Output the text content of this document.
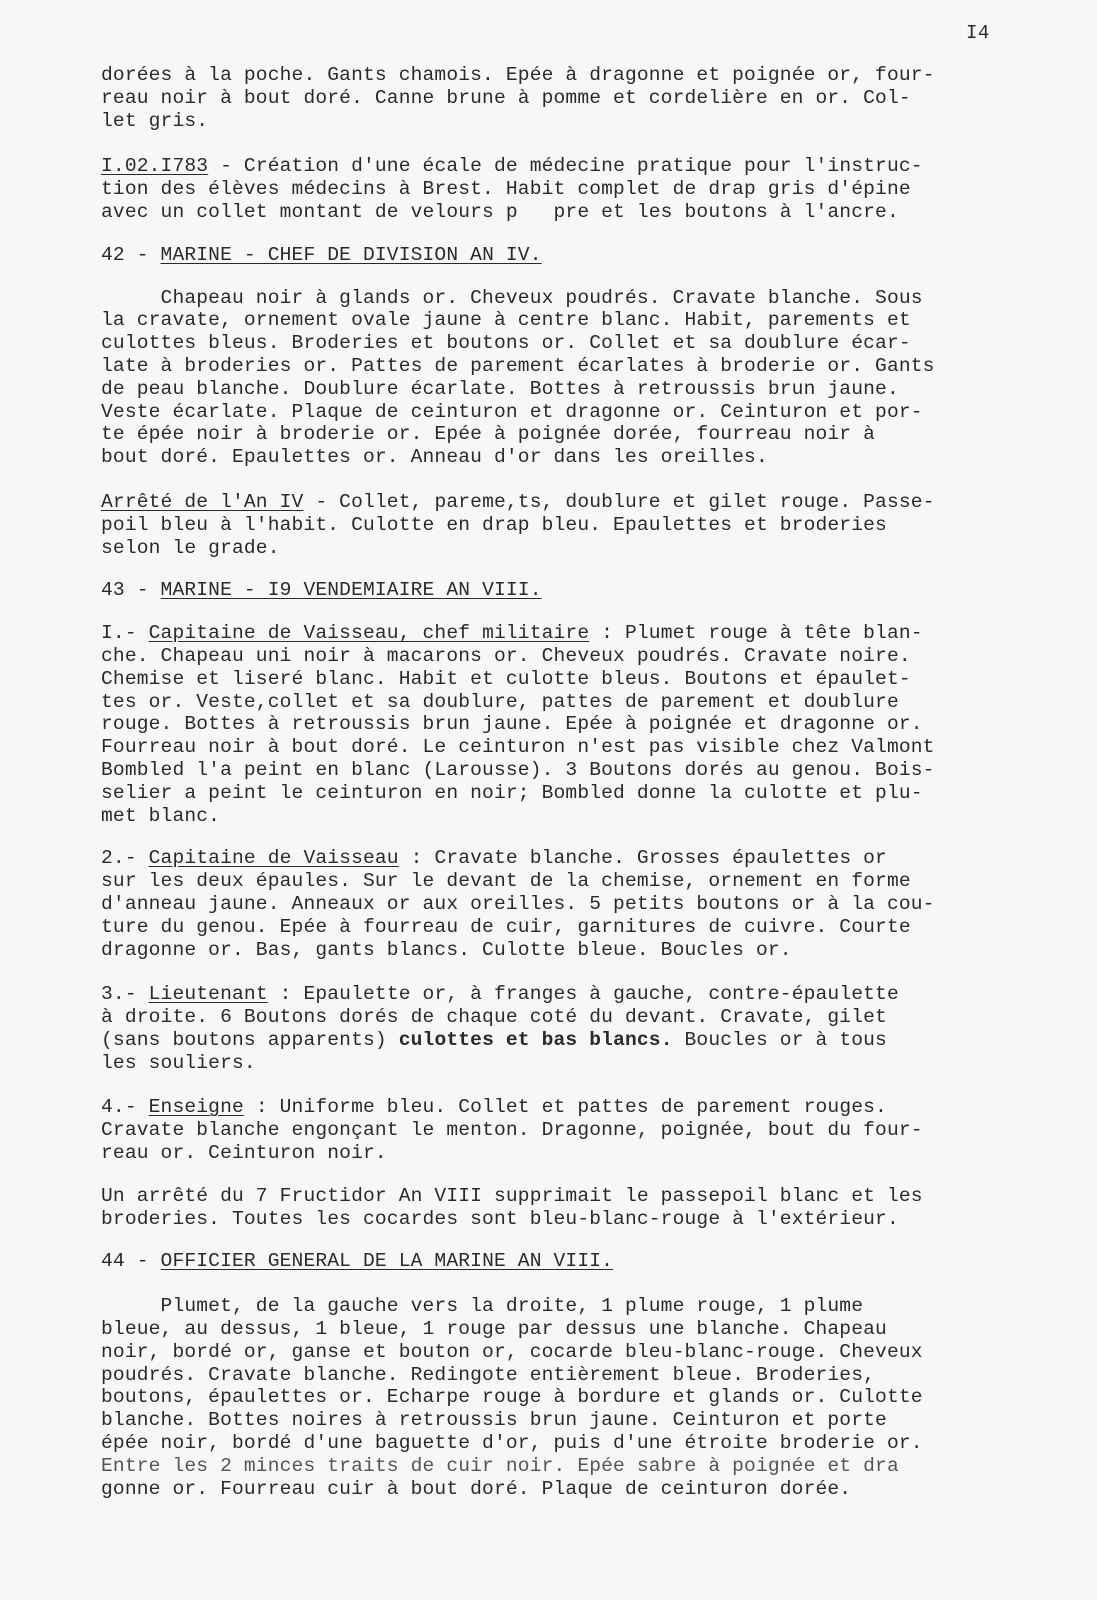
I4
dorées à la poche. Gants chamois. Epée à dragonne et poignée or, four-
reau noir à bout doré. Canne brune à pomme et cordelière en or. Col-
let gris.
I.02.I783 - Création d'une écale de médecine pratique pour l'instruc-
tion des élèves médecins à Brest. Habit complet de drap gris d'épine
avec un collet montant de velours p   pre et les boutons à l'ancre.
42 - MARINE - CHEF DE DIVISION AN IV.
Chapeau noir à glands or. Cheveux poudrés. Cravate blanche. Sous
la cravate, ornement ovale jaune à centre blanc. Habit, parements et
culottes bleus. Broderies et boutons or. Collet et sa doublure écar-
late à broderies or. Pattes de parement écarlates à broderie or. Gants
de peau blanche. Doublure écarlate. Bottes à retroussis brun jaune.
Veste écarlate. Plaque de ceinturon et dragonne or. Ceinturon et por-
te épée noir à broderie or. Epée à poignée dorée, fourreau noir à
bout doré. Epaulettes or. Anneau d'or dans les oreilles.
Arrêté de l'An IV - Collet, pareme,ts, doublure et gilet rouge. Passe-
poil bleu à l'habit. Culotte en drap bleu. Epaulettes et broderies
selon le grade.
43 - MARINE - I9 VENDEMIAIRE AN VIII.
I.- Capitaine de Vaisseau, chef militaire : Plumet rouge à tête blan-
che. Chapeau uni noir à macarons or. Cheveux poudrés. Cravate noire.
Chemise et liseré blanc. Habit et culotte bleus. Boutons et épaulet-
tes or. Veste,collet et sa doublure, pattes de parement et doublure
rouge. Bottes à retroussis brun jaune. Epée à poignée et dragonne or.
Fourreau noir à bout doré. Le ceinturon n'est pas visible chez Valmont
Bombled l'a peint en blanc (Larousse). 3 Boutons dorés au genou. Bois-
selier a peint le ceinturon en noir; Bombled donne la culotte et plu-
met blanc.
2.- Capitaine de Vaisseau : Cravate blanche. Grosses épaulettes or
sur les deux épaules. Sur le devant de la chemise, ornement en forme
d'anneau jaune. Anneaux or aux oreilles. 5 petits boutons or à la cou-
ture du genou. Epée à fourreau de cuir, garnitures de cuivre. Courte
dragonne or. Bas, gants blancs. Culotte bleue. Boucles or.
3.- Lieutenant : Epaulette or, à franges à gauche, contre-épaulette
à droite. 6 Boutons dorés de chaque coté du devant. Cravate, gilet
(sans boutons apparents) culottes et bas blancs. Boucles or à tous
les souliers.
4.- Enseigne : Uniforme bleu. Collet et pattes de parement rouges.
Cravate blanche engonçant le menton. Dragonne, poignée, bout du four-
reau or. Ceinturon noir.
Un arrêté du 7 Fructidor An VIII supprimait le passepoil blanc et les
broderies. Toutes les cocardes sont bleu-blanc-rouge à l'extérieur.
44 - OFFICIER GENERAL DE LA MARINE AN VIII.
Plumet, de la gauche vers la droite, 1 plume rouge, 1 plume
bleue, au dessus, 1 bleue, 1 rouge par dessus une blanche. Chapeau
noir, bordé or, ganse et bouton or, cocarde bleu-blanc-rouge. Cheveux
poudrés. Cravate blanche. Redingote entièrement bleue. Broderies,
boutons, épaulettes or. Echarpe rouge à bordure et glands or. Culotte
blanche. Bottes noires à retroussis brun jaune. Ceinturon et porte
épée noir, bordé d'une baguette d'or, puis d'une étroite broderie or.
Entre les 2 minces traits de cuir noir. Epée sabre à poignée et dra
gonne or. Fourreau cuir à bout doré. Plaque de ceinturon dorée.
